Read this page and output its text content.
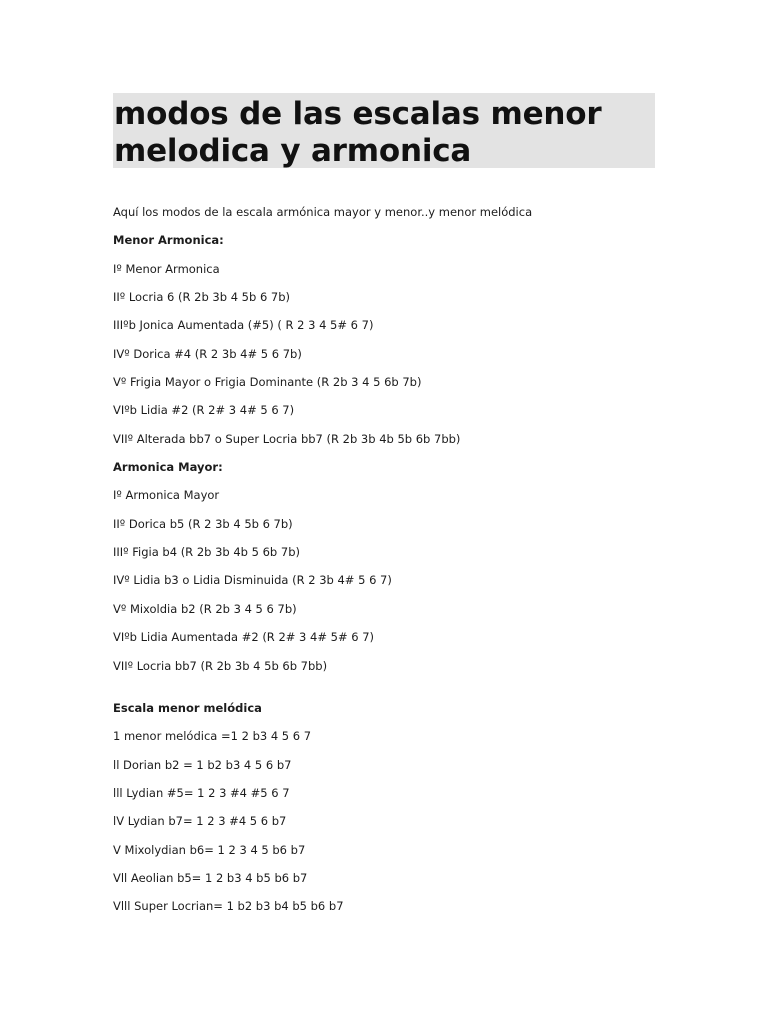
modos de las escalas menor melodica y armonica
Aquí los modos de la escala armónica mayor y menor..y menor melódica
Menor Armonica:
Iº Menor Armonica
IIº Locria 6 (R 2b 3b 4 5b 6 7b)
IIIºb Jonica Aumentada (#5) ( R 2 3 4 5# 6 7)
IVº Dorica #4 (R 2 3b 4# 5 6 7b)
Vº Frigia Mayor o Frigia Dominante (R 2b 3 4 5 6b 7b)
VIºb Lidia #2 (R 2# 3 4# 5 6 7)
VIIº Alterada bb7 o Super Locria bb7 (R 2b 3b 4b 5b 6b 7bb)
Armonica Mayor:
Iº Armonica Mayor
IIº Dorica b5 (R 2 3b 4 5b 6 7b)
IIIº Figia b4 (R 2b 3b 4b 5 6b 7b)
IVº Lidia b3 o Lidia Disminuida (R 2 3b 4# 5 6 7)
Vº Mixoldia b2 (R 2b 3 4 5 6 7b)
VIºb Lidia Aumentada #2 (R 2# 3 4# 5# 6 7)
VIIº Locria bb7 (R 2b 3b 4 5b 6b 7bb)
Escala menor melódica
1 menor melódica =1 2 b3 4 5 6 7
ll Dorian b2 = 1 b2 b3 4 5 6 b7
lll Lydian #5= 1 2 3 #4 #5 6 7
lV Lydian b7= 1 2 3 #4 5 6 b7
V Mixolydian b6= 1 2 3 4 5 b6 b7
Vll Aeolian b5= 1 2 b3 4 b5 b6 b7
Vlll Super Locrian= 1 b2 b3 b4 b5 b6 b7
